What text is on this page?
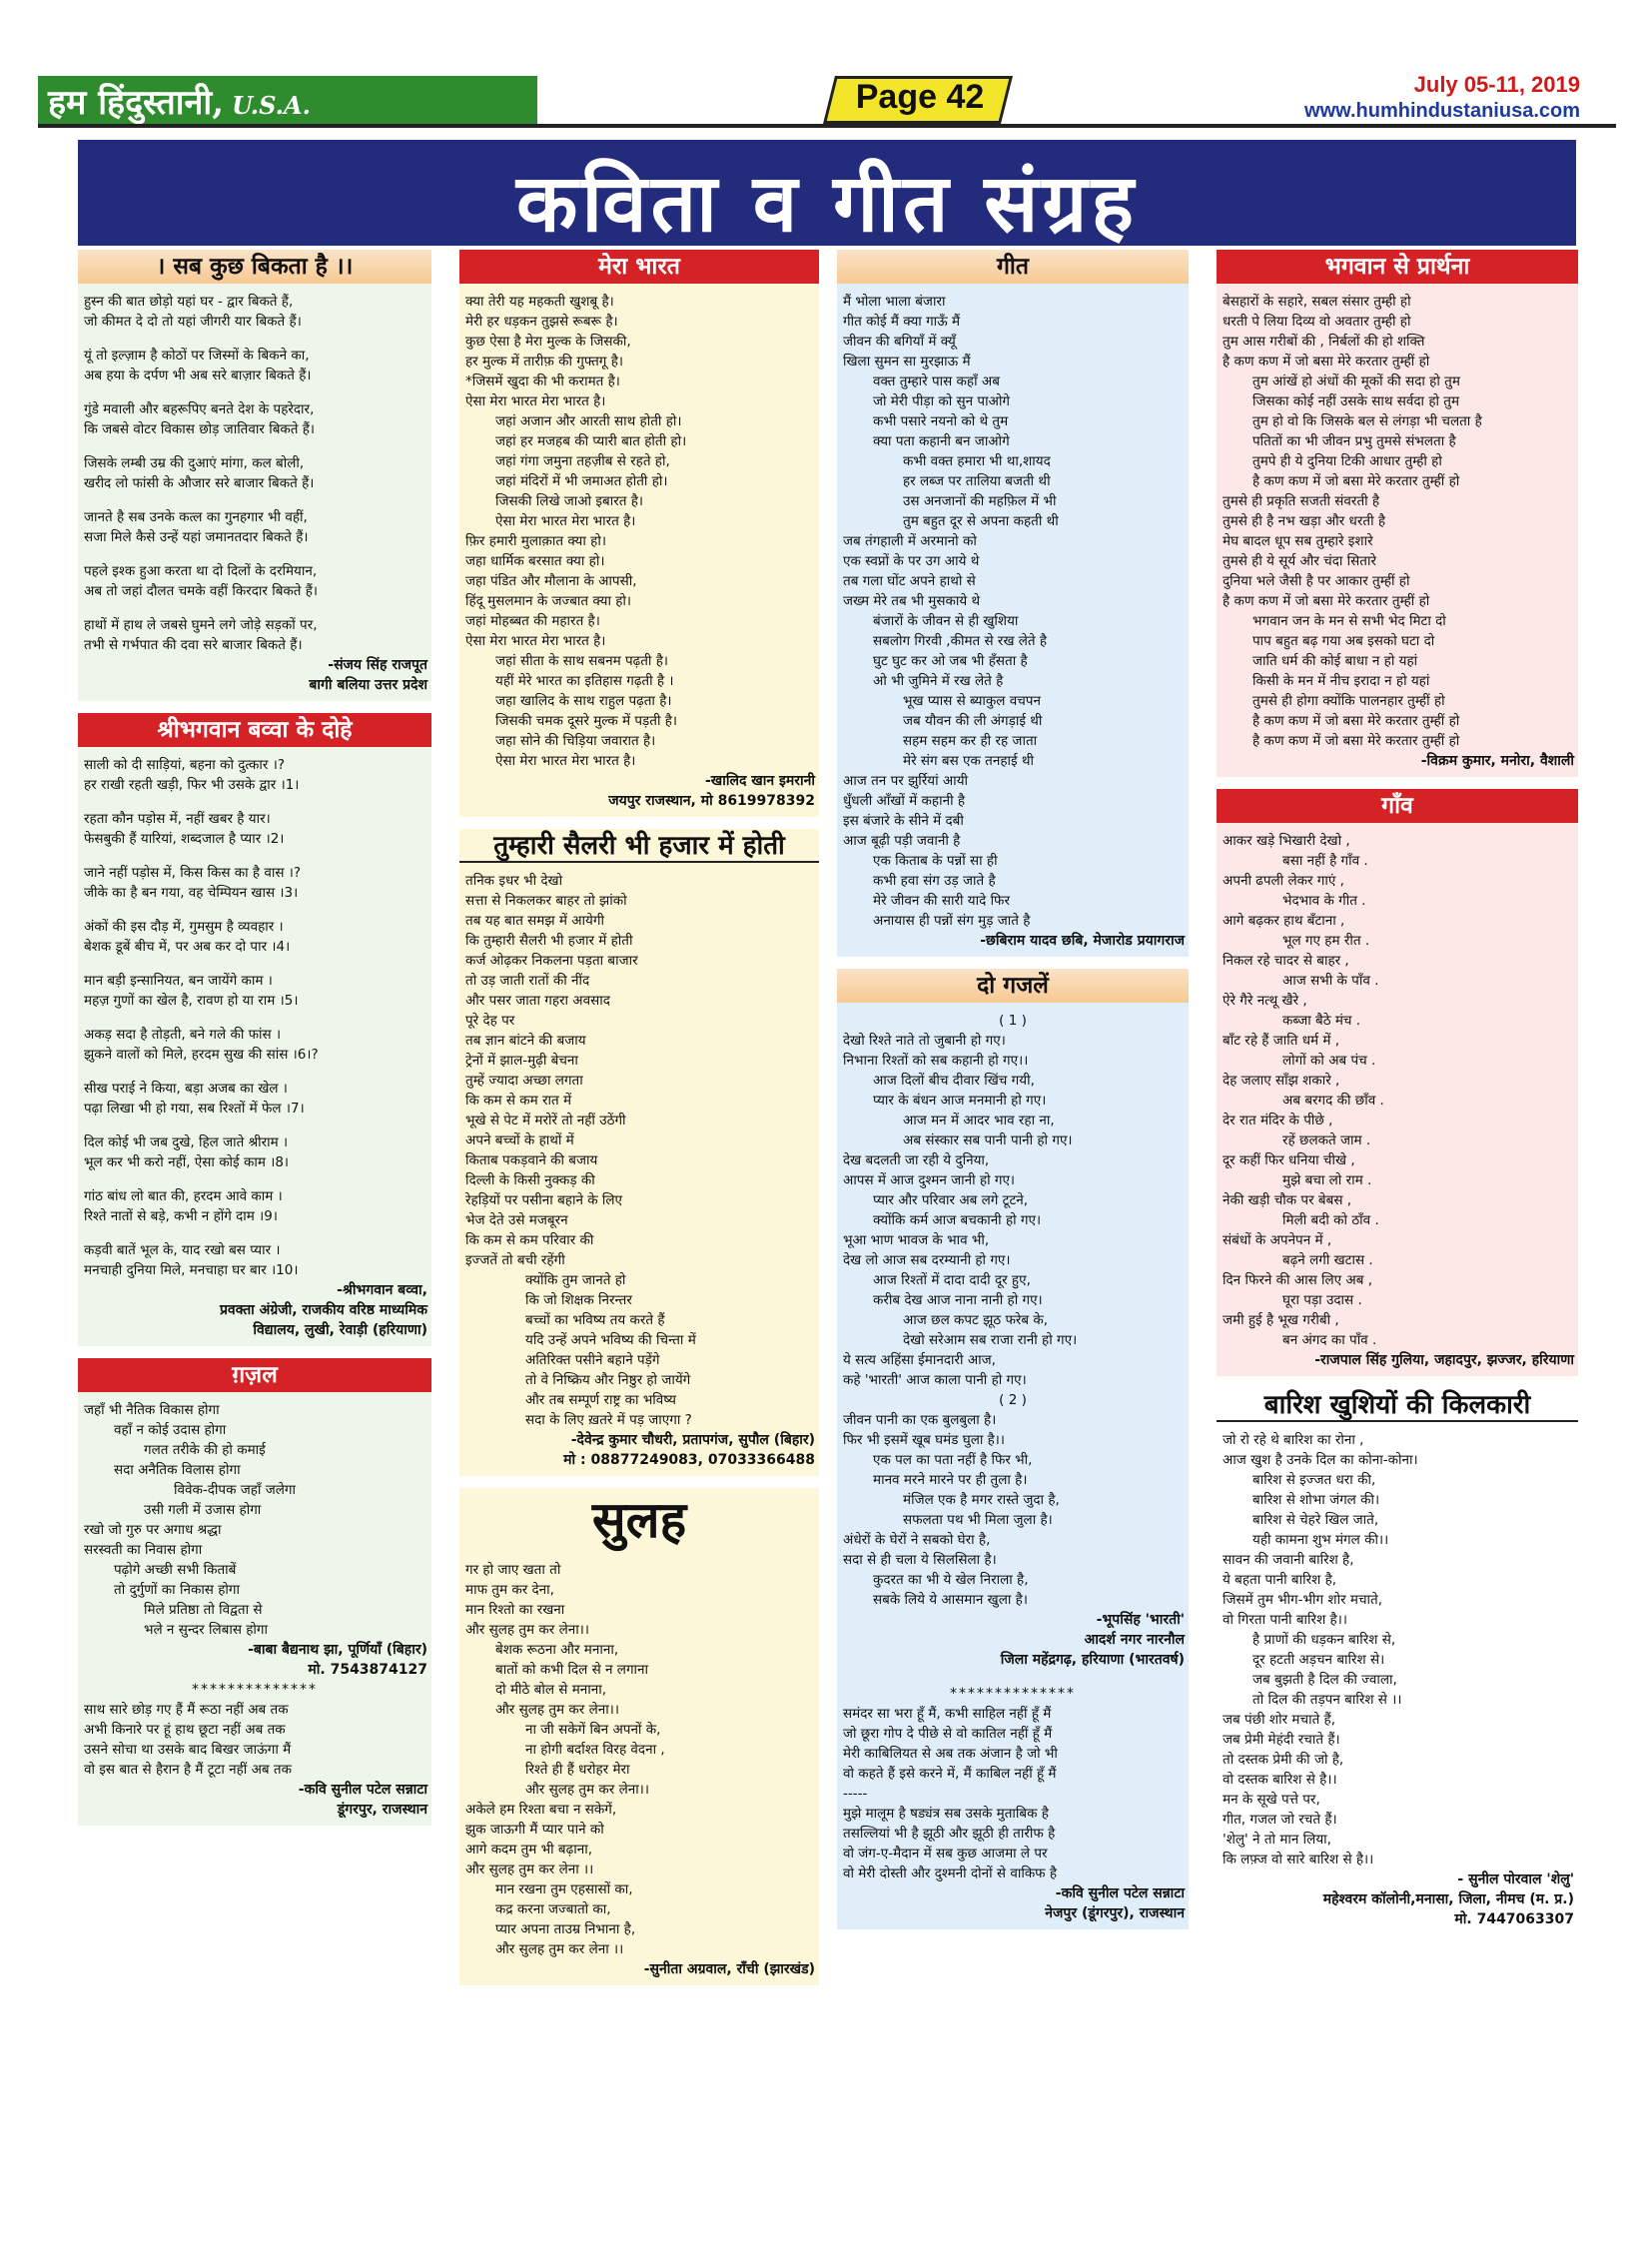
हम हिंदुस्तानी, U.S.A.	Page 42	July 05-11, 2019
www.humhindustaniusa.com
कविता व गीत संग्रह
। सब कुछ बिकता है ।।
हुस्न की बात छोड़ो यहां घर - द्वार बिकते हैं,
जो कीमत दे दो तो यहां जीगरी यार बिकते हैं।
यूं तो इल्ज़ाम है कोठों पर जिस्मों के बिकने का,
अब हया के दर्पण भी अब सरे बाज़ार बिकते हैं।
गुंडे मवाली और बहरूपिए बनते देश के पहरेदार,
कि जबसे वोटर विकास छोड़ जातिवार बिकते हैं।
जिसके लम्बी उम्र की दुआएं मांगा, कल बोली,
खरीद लो फांसी के औजार सरे बाजार बिकते हैं।
जानते है सब उनके कत्ल का गुनहगार भी वहीं,
सजा मिले कैसे उन्हें यहां जमानतदार बिकते हैं।
पहले इश्क हुआ करता था दो दिलों के दरमियान,
अब तो जहां दौलत चमके वहीं किरदार बिकते हैं।
हाथों में हाथ ले जबसे घुमने लगे जोड़े सड़कों पर,
तभी से गर्भपात की दवा सरे बाजार बिकते हैं।
-संजय सिंह राजपूत
बागी बलिया उत्तर प्रदेश
श्रीभगवान बव्वा के दोहे
साली को दी साड़ियां, बहना को दुत्कार ।?
हर राखी रहती खड़ी, फिर भी उसके द्वार ।1।
रहता कौन पड़ोस में, नहीं खबर है यार।
फेसबुकी हैं यारियां, शब्दजाल है प्यार ।2।
जाने नहीं पड़ोस में, किस किस का है वास ।?
जीके का है बन गया, वह चेम्पियन खास ।3।
अंकों की इस दौड़ में, गुमसुम है व्यवहार ।
बेशक डूबें बीच में, पर अब कर दो पार ।4।
मान बड़ी इन्सानियत, बन जायेंगे काम ।
महज़ गुणों का खेल है, रावण हो या राम ।5।
अकड़ सदा है तोड़ती, बने गले की फांस ।
झुकने वालों को मिले, हरदम सुख की सांस ।6।?
सीख पराई ने किया, बड़ा अजब का खेल ।
पढ़ा लिखा भी हो गया, सब रिश्तों में फेल ।7।
दिल कोई भी जब दुखे, हिल जाते श्रीराम ।
भूल कर भी करो नहीं, ऐसा कोई काम ।8।
गांठ बांध लो बात की, हरदम आवे काम ।
रिश्ते नातों से बड़े, कभी न होंगे दाम ।9।
कड़वी बातें भूल के, याद रखो बस प्यार ।
मनचाही दुनिया मिले, मनचाहा घर बार ।10।
-श्रीभगवान बव्वा,
प्रवक्ता अंग्रेजी, राजकीय वरिष्ठ माध्यमिक
विद्यालय, लुखी, रेवाड़ी (हरियाणा)
ग़ज़ल
जहाँ भी नैतिक विकास होगा
वहाँ न कोई उदास होगा
गलत तरीके की हो कमाई
सदा अनैतिक विलास होगा
विवेक-दीपक जहाँ जलेगा
उसी गली में उजास होगा
रखो जो गुरु पर अगाध श्रद्धा
सरस्वती का निवास होगा
पढ़ोगे अच्छी सभी किताबें
तो दुर्गुणों का निकास होगा
मिले प्रतिष्ठा तो विद्वता से
भले न सुन्दर लिबास होगा
-बाबा बैद्यनाथ झा, पूर्णियाँ (बिहार)
मो. 7543874127
**************
साथ सारे छोड़ गए हैं मैं रूठा नहीं अब तक
अभी किनारे पर हूं हाथ छूटा नहीं अब तक
उसने सोचा था उसके बाद बिखर जाऊंगा मैं
वो इस बात से हैरान है मैं टूटा नहीं अब तक
-कवि सुनील पटेल सन्नाटा
डूंगरपुर, राजस्थान
मेरा भारत
क्या तेरी यह महकती खुशबू है।
मेरी हर धड़कन तुझसे रूबरू है।
कुछ ऐसा है मेरा मुल्क के जिसकी,
हर मुल्क में तारीफ़ की गुफ्तगू है।
*जिसमें खुदा की भी करामत है।
ऐसा मेरा भारत मेरा भारत है।
जहां अजान और आरती साथ होती हो।
जहां हर मजहब की प्यारी बात होती हो।
जहां गंगा जमुना तहज़ीब से रहते हो,
जहां मंदिरों में भी जमाअत होती हो।
जिसकी लिखे जाओ इबारत है।
ऐसा मेरा भारत मेरा भारत है।
फ़िर हमारी मुलाक़ात क्या हो।
जहा धार्मिक बरसात क्या हो।
जहा पंडित और मौलाना के आपसी,
हिंदू मुसलमान के जज्बात क्या हो।
जहां मोहब्बत की महारत है।
ऐसा मेरा भारत मेरा भारत है।
जहां सीता के साथ सबनम पढ़ती है।
यहीं मेरे भारत का इतिहास गढ़ती है ।
जहा खालिद के साथ राहुल पढ़ता है।
जिसकी चमक दूसरे मुल्क में पड़ती है।
जहा सोने की चिड़िया जवारात है।
ऐसा मेरा भारत मेरा भारत है।
-खालिद खान इमरानी
जयपुर राजस्थान, मो 8619978392
तुम्हारी सैलरी भी हजार में होती
तनिक इधर भी देखो
सत्ता से निकलकर बाहर तो झांको
तब यह बात समझ में आयेगी
कि तुम्हारी सैलरी भी हजार में होती
कर्ज ओढ़कर निकलना पड़ता बाजार
तो उड़ जाती रातों की नींद
और पसर जाता गहरा अवसाद
पूरे देह पर
तब ज्ञान बांटने की बजाय
ट्रेनों में झाल-मुढ़ी बेचना
तुम्हें ज्यादा अच्छा लगता
कि कम से कम रात में
भूखे से पेट में मरोरें तो नहीं उठेंगी
अपने बच्चों के हाथों में
किताब पकड़वाने की बजाय
दिल्ली के किसी नुक्कड़ की
रेहड़ियों पर पसीना बहाने के लिए
भेज देते उसे मजबूरन
कि कम से कम परिवार की
इज्जतें तो बची रहेंगी
क्योंकि तुम जानते हो
कि जो शिक्षक निरन्तर
बच्चों का भविष्य तय करते हैं
यदि उन्हें अपने भविष्य की चिन्ता में
अतिरिक्त पसीने बहाने पड़ेंगे
तो वे निष्क्रिय और निष्ठुर हो जायेंगे
और तब सम्पूर्ण राष्ट्र का भविष्य
सदा के लिए ख़तरे में पड़ जाएगा ?
-देवेन्द्र कुमार चौधरी, प्रतापगंज, सुपौल (बिहार)
मो : 08877249083, 07033366488
सुलह
गर हो जाए खता तो
माफ तुम कर देना,
मान रिश्तो का रखना
और सुलह तुम कर लेना।।
बेशक रूठना और मनाना,
बातों को कभी दिल से न लगाना
दो मीठे बोल से मनाना,
और सुलह तुम कर लेना।।
ना जी सकेगें बिन अपनों के,
ना होगी बर्दाश्त विरह वेदना ,
रिश्ते ही हैं धरोहर मेरा
और सुलह तुम कर लेना।।
अकेले हम रिश्ता बचा न सकेगें,
झुक जाऊगी मैं प्यार पाने को
आगे कदम तुम भी बढ़ाना,
और सुलह तुम कर लेना ।।
मान रखना तुम एहसासों का,
कद्र करना जज्बातो का,
प्यार अपना ताउम्र निभाना है,
और सुलह तुम कर लेना ।।
-सुनीता अग्रवाल, राँची (झारखंड)
गीत
मैं भोला भाला बंजारा
गीत कोई मैं क्या गाऊँ मैं
जीवन की बगियाँ में क्यूँ
खिला सुमन सा मुरझाऊ मैं
वक्त तुम्हारे पास कहाँ अब
जो मेरी पीड़ा को सुन पाओगे
कभी पसारे नयनो को थे तुम
क्या पता कहानी बन जाओगे
कभी वक्त हमारा भी था,शायद
हर लब्ज पर तालिया बजती थी
उस अनजानों की महफ़िल में भी
तुम बहुत दूर से अपना कहती थी
जब तंगहाली में अरमानो को
एक स्वप्नों के पर उग आये थे
तब गला घोंट अपने हाथो से
जख्म मेरे तब भी मुसकाये थे
बंजारों के जीवन से ही खुशिया
सबलोग गिरवी ,कीमत से रख लेते है
घुट घुट कर ओ जब भी हँसता है
ओ भी जुमिने में रख लेते है
भूख प्यास से ब्याकुल वचपन
जब यौवन की ली अंगड़ाई थी
सहम सहम कर ही रह जाता
मेरे संग बस एक तनहाई थी
आज तन पर झुर्रियां आयी
धुँधली आँखों में कहानी है
इस बंजारे के सीने में दबी
आज बूढ़ी पड़ी जवानी है
एक किताब के पन्नों सा ही
कभी हवा संग उड़ जाते है
मेरे जीवन की सारी यादे फिर
अनायास ही पन्नों संग मुड़ जाते है
-छबिराम यादव छबि, मेजारोड प्रयागराज
दो गजलें
( 1 )
देखो रिश्ते नाते तो जुबानी हो गए।
निभाना रिश्तों को सब कहानी हो गए।।
आज दिलों बीच दीवार खिंच गयी,
प्यार के बंधन आज मनमानी हो गए।
आज मन में आदर भाव रहा ना,
अब संस्कार सब पानी पानी हो गए।
देख बदलती जा रही ये दुनिया,
आपस में आज दुश्मन जानी हो गए।
प्यार और परिवार अब लगे टूटने,
क्योंकि कर्म आज बचकानी हो गए।
भूआ भाण भावज के भाव भी,
देख लो आज सब दरम्यानी हो गए।
आज रिश्तों में दादा दादी दूर हुए,
करीब देख आज नाना नानी हो गए।
आज छल कपट झूठ फरेब के,
देखो सरेआम सब राजा रानी हो गए।
ये सत्य अहिंसा ईमानदारी आज,
कहे 'भारती' आज काला पानी हो गए।
( 2 )
जीवन पानी का एक बुलबुला है।
फिर भी इसमें खूब घमंड घुला है।।
एक पल का पता नहीं है फिर भी,
मानव मरने मारने पर ही तुला है।
मंजिल एक है मगर रास्ते जुदा है,
सफलता पथ भी मिला जुला है।
अंधेरों के घेरों ने सबको घेरा है,
सदा से ही चला ये सिलसिला है।
कुदरत का भी ये खेल निराला है,
सबके लिये ये आसमान खुला है।
-भूपसिंह 'भारती'
आदर्श नगर नारनौल
जिला महेंद्रगढ़, हरियाणा (भारतवर्ष)
**************
समंदर सा भरा हूँ मैं, कभी साहिल नहीं हूँ मैं
जो छूरा गोप दे पीछे से वो कातिल नहीं हूँ मैं
मेरी काबिलियत से अब तक अंजान है जो भी
वो कहते हैं इसे करने में, मैं काबिल नहीं हूँ मैं
-----
मुझे मालूम है षड्यंत्र सब उसके मुताबिक है
तसल्लियां भी है झूठी और झूठी ही तारीफ है
वो जंग-ए-मैदान में सब कुछ आजमा ले पर
वो मेरी दोस्ती और दुश्मनी दोनों से वाकिफ है
-कवि सुनील पटेल सन्नाटा
नेजपुर (डूंगरपुर), राजस्थान
भगवान से प्रार्थना
बेसहारों के सहारे, सबल संसार तुम्ही हो
धरती पे लिया दिव्य वो अवतार तुम्ही हो
तुम आस गरीबों की , निर्बलों की हो शक्ति
है कण कण में जो बसा मेरे करतार तुम्हीं हो
तुम आंखें हो अंधों की मूकों की सदा हो तुम
जिसका कोई नहीं उसके साथ सर्वदा हो तुम
तुम हो वो कि जिसके बल से लंगड़ा भी चलता है
पतितों का भी जीवन प्रभु तुमसे संभलता है
तुमपे ही ये दुनिया टिकी आधार तुम्ही हो
है कण कण में जो बसा मेरे करतार तुम्हीं हो
तुमसे ही प्रकृति सजती संवरती है
तुमसे ही है नभ खड़ा और धरती है
मेघ बादल धूप सब तुम्हारे इशारे
तुमसे ही ये सूर्य और चंदा सितारे
दुनिया भले जैसी है पर आकार तुम्हीं हो
है कण कण में जो बसा मेरे करतार तुम्हीं हो
भगवान जन के मन से सभी भेद मिटा दो
पाप बहुत बढ़ गया अब इसको घटा दो
जाति धर्म की कोई बाधा न हो यहां
किसी के मन में नीच इरादा न हो यहां
तुमसे ही होगा क्योंकि पालनहार तुम्हीं हो
है कण कण में जो बसा मेरे करतार तुम्हीं हो
है कण कण में जो बसा मेरे करतार तुम्हीं हो
-विक्रम कुमार, मनोरा, वैशाली
गाँव
आकर खड़े भिखारी देखो ,
बसा नहीं है गाँव .
अपनी ढपली लेकर गाएं ,
भेदभाव के गीत .
आगे बढ़कर हाथ बँटाना ,
भूल गए हम रीत .
निकल रहे चादर से बाहर ,
आज सभी के पाँव .
ऐरे गैरे नत्थू खैरे ,
कब्जा बैठे मंच .
बाँट रहे हैं जाति धर्म में ,
लोगों को अब पंच .
देह जलाए साँझ शकारे ,
अब बरगद की छाँव .
देर रात मंदिर के पीछे ,
रहें छलकते जाम .
दूर कहीं फिर धनिया चीखे ,
मुझे बचा लो राम .
नेकी खड़ी चौक पर बेबस ,
मिली बदी को ठाँव .
संबंधों के अपनेपन में ,
बढ़ने लगी खटास .
दिन फिरने की आस लिए अब ,
घूरा पड़ा उदास .
जमी हुई है भूख गरीबी ,
बन अंगद का पाँव .
-राजपाल सिंह गुलिया, जहादपुर, झज्जर, हरियाणा
बारिश खुशियों की किलकारी
जो रो रहे थे बारिश का रोना ,
आज खुश है उनके दिल का कोना-कोना।
बारिश से इज्जत धरा की,
बारिश से शोभा जंगल की।
बारिश से चेहरे खिल जाते,
यही कामना शुभ मंगल की।।
सावन की जवानी बारिश है,
ये बहता पानी बारिश है,
जिसमें तुम भीग-भीग शोर मचाते,
वो गिरता पानी बारिश है।।
है प्राणों की धड़कन बारिश से,
दूर हटती अड़चन बारिश से।
जब बुझती है दिल की ज्वाला,
तो दिल की तड़पन बारिश से ।।
जब पंछी शोर मचाते हैं,
जब प्रेमी मेहंदी रचाते हैं।
तो दस्तक प्रेमी की जो है,
वो दस्तक बारिश से है।।
मन के सूखे पत्ते पर,
गीत, गजल जो रचते हैं।
'शेलु' ने तो मान लिया,
कि लफ़्ज वो सारे बारिश से है।।
- सुनील पोरवाल 'शेलु'
महेश्वरम कॉलोनी,मनासा, जिला, नीमच (म. प्र.)
मो. 7447063307
